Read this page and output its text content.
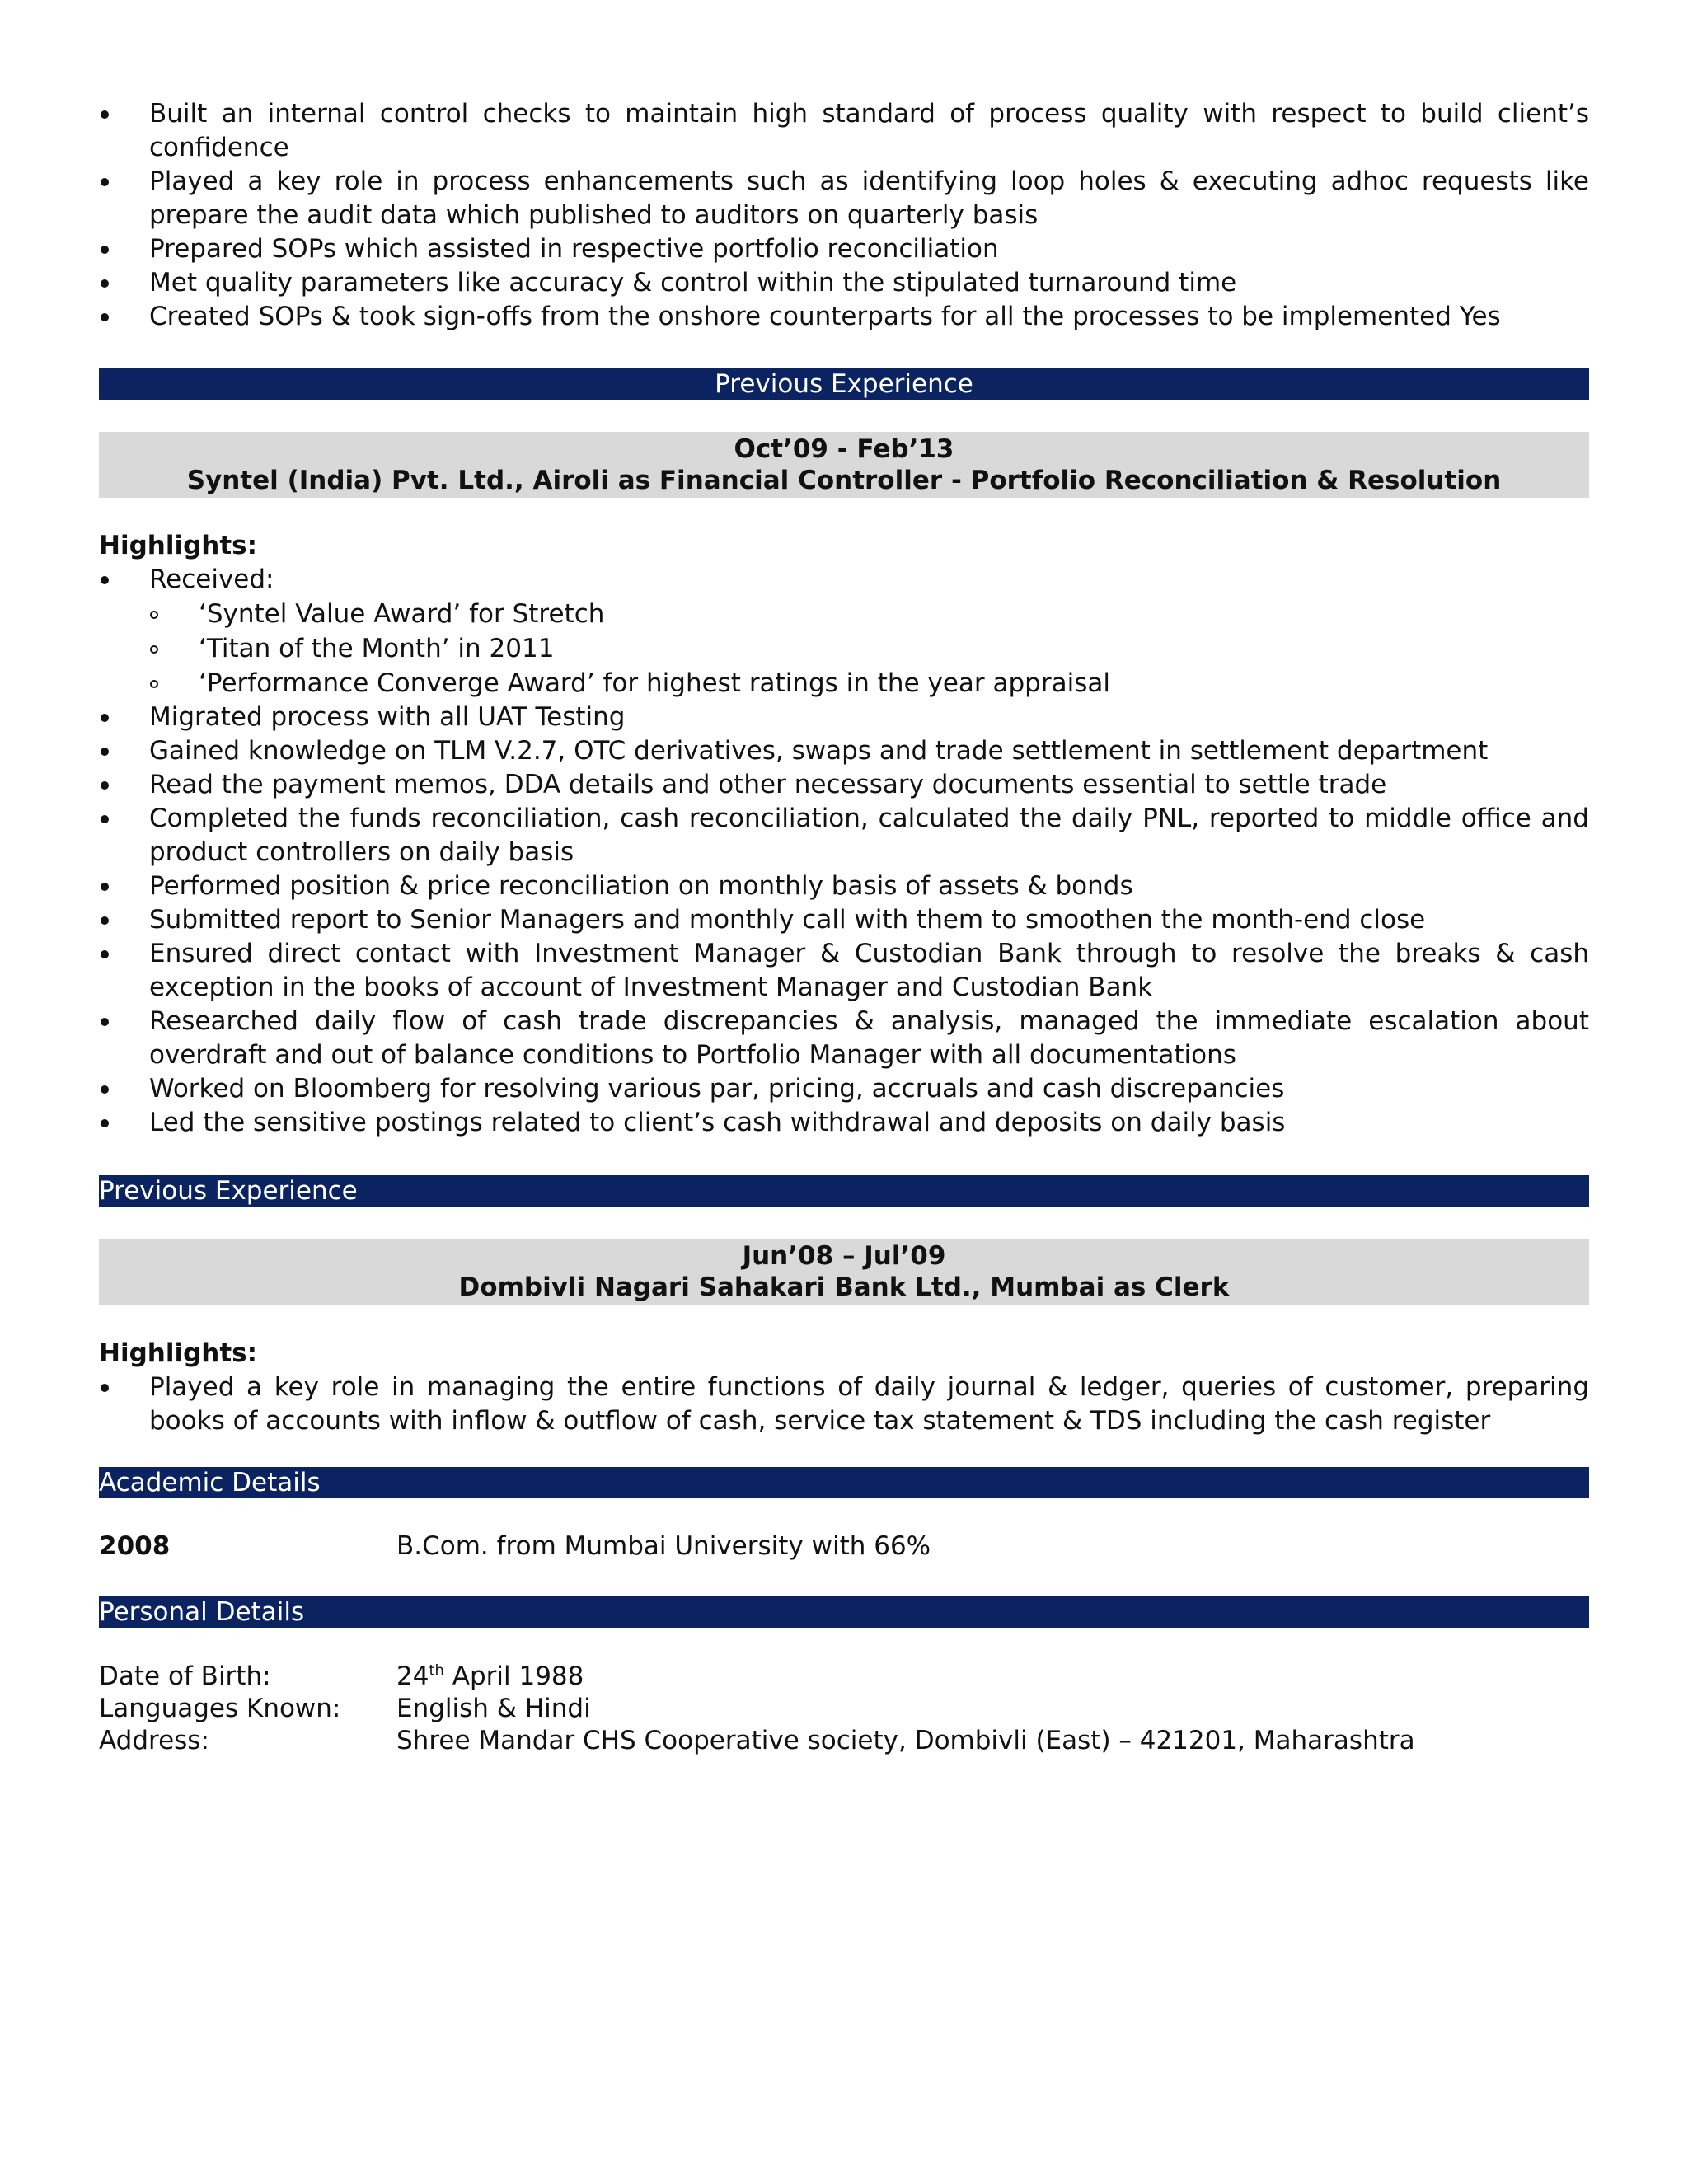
Built an internal control checks to maintain high standard of process quality with respect to build client’s confidence
Played a key role in process enhancements such as identifying loop holes & executing adhoc requests like prepare the audit data which published to auditors on quarterly basis
Prepared SOPs which assisted in respective portfolio reconciliation
Met quality parameters like accuracy & control within the stipulated turnaround time
Created SOPs & took sign-offs from the onshore counterparts for all the processes to be implemented Yes
Previous Experience
Oct’09 - Feb’13
Syntel (India) Pvt. Ltd., Airoli as Financial Controller - Portfolio Reconciliation & Resolution
Highlights:
Received:
‘Syntel Value Award’ for Stretch
‘Titan of the Month’ in 2011
‘Performance Converge Award’ for highest ratings in the year appraisal
Migrated process with all UAT Testing
Gained knowledge on TLM V.2.7, OTC derivatives, swaps and trade settlement in settlement department
Read the payment memos, DDA details and other necessary documents essential to settle trade
Completed the funds reconciliation, cash reconciliation, calculated the daily PNL, reported to middle office and product controllers on daily basis
Performed position & price reconciliation on monthly basis of assets & bonds
Submitted report to Senior Managers and monthly call with them to smoothen the month-end close
Ensured direct contact with Investment Manager & Custodian Bank through to resolve the breaks & cash exception in the books of account of Investment Manager and Custodian Bank
Researched daily flow of cash trade discrepancies & analysis, managed the immediate escalation about overdraft and out of balance conditions to Portfolio Manager with all documentations
Worked on Bloomberg for resolving various par, pricing, accruals and cash discrepancies
Led the sensitive postings related to client’s cash withdrawal and deposits on daily basis
Previous Experience
Jun’08 – Jul’09
Dombivli Nagari Sahakari Bank Ltd., Mumbai as Clerk
Highlights:
Played a key role in managing the entire functions of daily journal & ledger, queries of customer, preparing books of accounts with inflow & outflow of cash, service tax statement & TDS including the cash register
Academic Details
2008	B.Com. from Mumbai University with 66%
Personal Details
Date of Birth:	24th April 1988
Languages Known:	English & Hindi
Address:	Shree Mandar CHS Cooperative society, Dombivli (East) – 421201, Maharashtra
